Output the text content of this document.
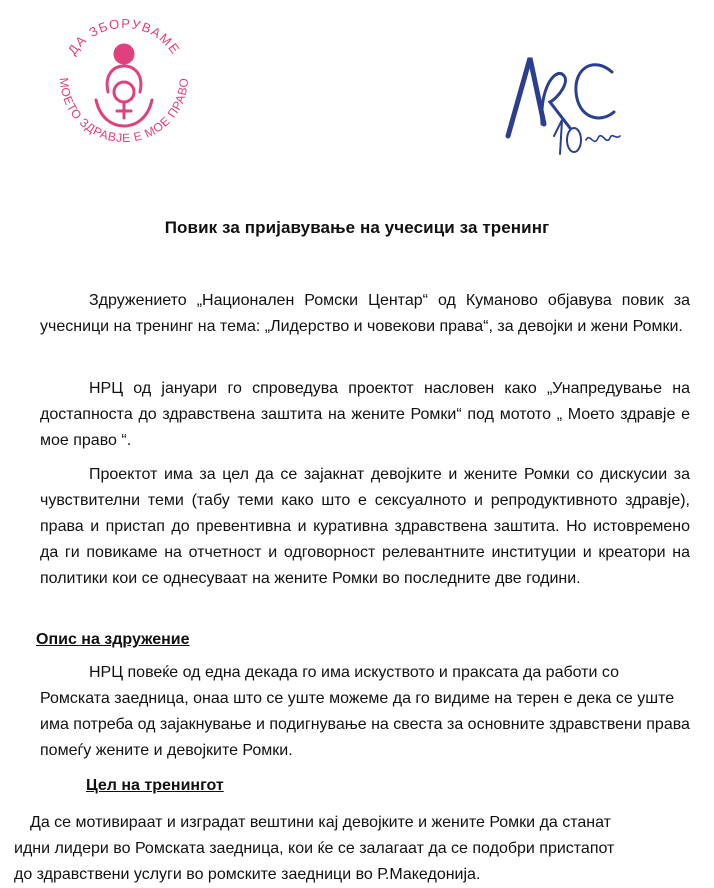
ДА ЗБОРУВАМЕ
МОЕТО ЗДРАВЈЕ Е МОЕ ПРАВО
Повик за пријавување на учесици за тренинг

Здружението „Национален Ромски Центар“ од Куманово објавува повик за учесници на тренинг на тема: „Лидерство и човекови права“, за девојки и жени Ромки.

НРЦ од јануари го спроведува проектот насловен како „Унапредување на достапноста до здравствена заштита на жените Ромки“ под мотото „ Моето здравје е мое право “.

Проектот има за цел да се зајакнат девојките и жените Ромки со дискусии за чувствителни теми (табу теми како што е сексуалното и репродуктивното здравје), права и пристап до превентивна и куративна здравствена заштита. Но истовремено да ги повикаме на отчетност и одговорност релевантните институции и креатори на политики кои се однесуваат на жените Ромки во последните две години.

Опис на здружение

НРЦ повеќе од една декада го има искуството и праксата да работи со Ромската заедница, онаа што се уште можеме да го видиме на терен е дека се уште има потреба од зајакнување и подигнување на свеста за основните здравствени права помеѓу жените и девојките Ромки.

Цел на тренингот

Да се мотивираат и изградат вештини кај девојките и жените Ромки да станат

идни лидери во Ромската заедница, кои ќе се залагаат да се подобри пристапот

до здравствени услуги во ромските заедници во Р.Македонија.
